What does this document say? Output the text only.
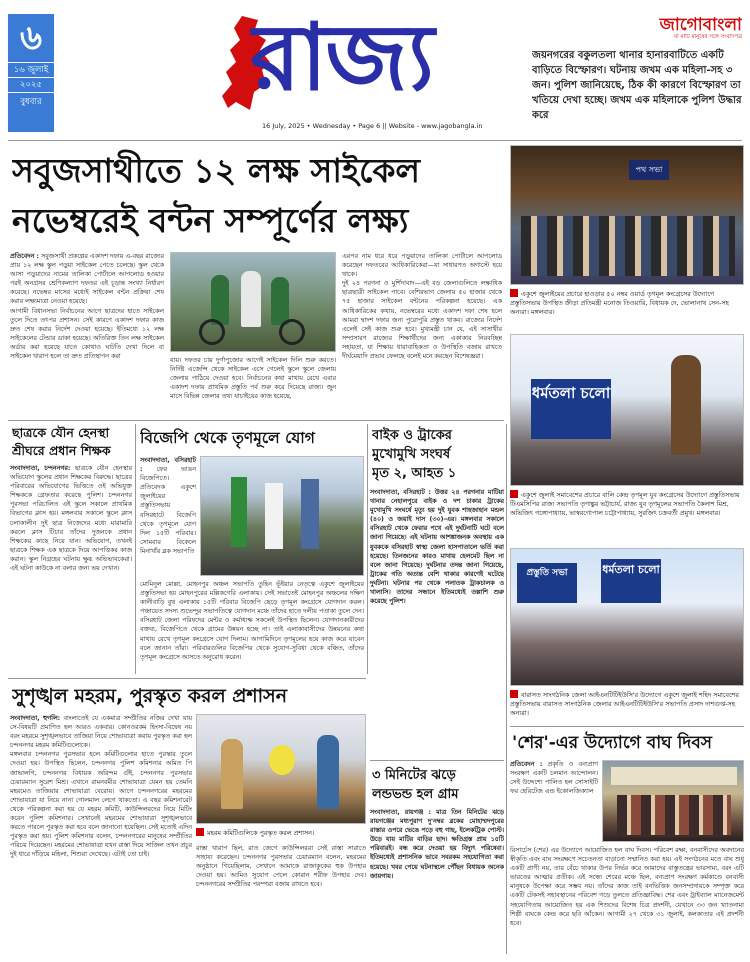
৬
১৬ জুলাই
২০২৫
বুধবার রাজ্য
16 July, 2025 • Wednesday • Page 6 || Website - www.jagobangla.in
জাগোবাংলা
মা মাটি মানুষের সঙ্গে সংবাদপত্র
জয়নগরের বকুলতলা থানার হানারবাটিতে একটি বাড়িতে বিস্ফোরণ। ঘটনায় জখম এক মহিলা-সহ ৩ জন। পুলিশ জানিয়েছে, ঠিক কী কারণে বিস্ফোরণ তা খতিয়ে দেখা হচ্ছে। জখম এক মহিলাকে পুলিশ উদ্ধার করে
সবুজসাথীতে ১২ লক্ষ সাইকেল
নভেম্বরেই বন্টন সম্পূর্ণের লক্ষ্য
প্রতিবেদন : সবুজসাথী প্রকল্পের একাদশ দফায় এ-বছর রাজ্যের প্রায় ১২ লক্ষ স্কুল পড়ুয়া সাইকেল পেতে চলেছে। স্কুল থেকে আসা পড়ুয়াদের নামের তালিকা পোর্টালে আপলোড হওয়ার পরই অনগ্রসর শ্রেণিকল্যাণ দফতর এই চূড়ান্ত সংখ্যা নির্ধারণ করেছে। নভেম্বর মাসের মধ্যেই সাইকেল বন্টন প্রক্রিয়া শেষ করার লক্ষ্যমাত্রা নেওয়া হয়েছে।
আগামী বিধানসভা নির্বাচনের আগে ছাত্রদের হাতে সাইকেল তুলে দিতে তৎপর প্রশাসন। সেই কারণে একাদশ দফার কাজ দ্রুত শেষ করার নির্দেশ দেওয়া হয়েছে। ইতিমধ্যে ১২ লক্ষ সাইকেলের টেন্ডার ডাকা হয়েছে। অতিরিক্ত তিন লক্ষ সাইকেল অর্ডার করা হয়েছে যাতে কোথাও ঘাটতি দেখা দিলে বা সাইকেল খারাপ হলে তা দ্রুত প্রতিস্থাপন করা
যায়। দফতর চায় দুর্গাপুজোর আগেই সাইকেল দিলি শুরু করতে। নির্দিষ্ট এজেন্সি থেকে সাইকেল এসে গেলেই স্কুলে স্কুলে জেলায় জেলায় পাঠিয়ে দেওয়া হবে। নির্বাচনের কথা মাথায় রেখে এবার একাদশ দফায় প্রাথমিক প্রস্তুতি পর্ব শুরু করে দিয়েছে রাজ্য। জুন মাসে বিভিন্ন জেলার তথ্য যাচাইয়ের কাজ হয়েছে,
এরপর নাম ধরে ধরে পড়ুয়াদের তালিকা পোর্টালে আপলোড করেছেন দফতরের আধিকারিকেরা—যা সাধারণত অগাস্টে হয়ে থাকে।
দুই ২৪ পরগনা ও মুর্শিদাবাদ—এই বড় জেলাগুলিতে লক্ষাধিক ছাত্রছাত্রী সাইকেল পাবে। বেশিরভাগ জেলায় ৫০ হাজার থেকে ৭৫ হাজার সাইকেল বন্টনের পরিকল্পনা হয়েছে। এক আধিকারিকের কথায়, নভেম্বরের মধ্যে একাদশ দফা শেষ হলে আমরা দ্বাদশ দফার জন্য পুরোপুরি প্রস্তুত থাকব। রাজ্যের নির্দেশ এলেই সেই কাজ শুরু হবে। মুখ্যমন্ত্রী চান যে, এই সাসাথীর সম্প্রসারণ রাজ্যের শিক্ষার্থীদের জন্য একাকার নিরবচ্ছিন্ন সহায়তা, যা শিক্ষায় ধারাবাহিকতা ও উপস্থিতি বজায় রাখতে দীর্ঘমেয়াদি প্রভাব ফেলছে বলেই মনে করছেন বিশেষজ্ঞরা।
পথ সভা
একুশে জুলাইয়ের প্রচারে হাওড়ার ৫০ নম্বর ওয়ার্ড তৃণমূল কংগ্রেসের উদ্যোগে প্রস্তুতিসভায় উপস্থিত ক্রীড়া প্রতিমন্ত্রী মনোজ তিওয়ারি, বিধায়ক দে, ভোলানাথ সেন-সহ অন্যরা। মঙ্গলবার।
ধর্মতলা চলো
একুশে জুলাই সমাবেশের প্রচারে বালি কেন্দ্র তৃণমূল যুব কংগ্রেসের উদ্যোগে প্রস্তুতিসভায় টিএমসিপির রাজ্য সভাপতি তৃণাঙ্কুর ভট্টাচার্য, রাজ্য যুব তৃণমূলের সভাপতি কৈলাশ মিশ্র, অভিজিৎ গঙ্গোপাধ্যায়, ভাস্বরগোপাল চট্টোপাধ্যায়, সুরজিৎ চক্রবর্তী প্রমুখ। মঙ্গলবার।
ধর্মতলা চলো
প্রস্তুতি সভা
বারাসত সাংগঠনিক জেলা আইএনটিটিইউসি'র উদ্যোগে একুশে জুলাই শহিদ সমাবেশের প্রস্তুতিসভায় বারাসত সাংগঠনিক জেলার আইএনটিটিইউসি'র সভাপতি প্রসাদ দাশগুপ্ত-সহ অন্যরা।
ছাত্রকে যৌন হেনস্থা
শ্রীঘরে প্রধান শিক্ষক
সংবাদদাতা, চন্দননগর: ছাত্রকে যৌন হেনস্থার অভিযোগ স্কুলের প্রধান শিক্ষকের বিরুদ্ধে। ছাত্রের পরিবারের অভিযোগের ভিত্তিতে ওই অভিযুক্ত শিক্ষককে গ্রেফতার করেছে পুলিশ। চন্দননগর পুরসভা পরিচালিত এই স্কুলে সকালে প্রাথমিক বিভাগের ক্লাস হয়। মঙ্গলবার সকালে স্কুলে ক্লাস চলাকালীন দুই ছাত্র নিজেদের মধ্যে মারামারি করলে ক্লাস টিচার তাঁদের দুজনকে প্রধান শিক্ষকের কাছে নিয়ে যান। অভিযোগ, তখনই ছাত্রকে শিক্ষক এক ছাত্রকে দিয়ে আপত্তিকর কাজ করান। স্কুল নিগ্রহের ঘটনায় ক্ষুব্ধ অভিভাবকেরা। এই ঘটনা কাউকে না বলার জন্য ভয় দেখান।
বিজেপি থেকে তৃণমূলে যোগ
সংবাদদাতা, বসিরহাট : ফের ভাঙন বিজেপিতে। প্রতিবেদক একুশে জুলাইয়ের প্রস্তুতিসভায় বসিরহাটে বিজেপি থেকে তৃণমূলে যোগ দিল ১৫টি পরিবার। সোমবার বিকেলে মিনাখাঁর ব্লক সভাপতি
মোমিনুল মোল্লা, মোহনপুর অঞ্চল সভাপতি তুহিন ভূঁইয়ার নেতৃত্বে একুশে জুলাইয়ের প্রস্তুতিসভা হয় মোহনপুরের মল্লিকগেরি এলাকায়। সেই সভাতেই মোহনপুর অঞ্চলের দক্ষিণ কালীবাড়ি বুথ এলাকায় ১৫টি পরিবার বিজেপি ছেড়ে তৃণমূল কংগ্রেসে যোগদান করল। পঞ্চায়েত সদস্য শুভেন্দুর সভাপতিত্বে যোগদান মঞ্চে তাঁদের হাতে দলীয় পতাকা তুলে দেন। বসিরহাট জেলা পরিষদের মেন্টর ও কর্মাধ্যক্ষ সকলেই উপস্থিত ছিলেন। যোগদানকারীদের বক্তব্য, বিজেপিতে থেকে গ্রামের উন্নয়ন হচ্ছে না। তাই এলাকাবাসীদের উন্নয়নের কথা মাথায় রেখে তৃণমূল কংগ্রেসে যোগ দিলাম। আগামিদিনে তৃণমূলের হয়ে কাজ করে যাবেন বলে জানান তাঁরা। পরিবারগুলির বিজেপির থেকে সুযোগ-সুবিধা থেকে বঞ্চিত, তাঁদের তৃণমূল কংগ্রেসে আসতে অনুরোধ করেন।
বাইক ও ট্রাকের
মুখোমুখি সংঘর্ষ
মৃত ২, আহত ১
সংবাদদাতা, বসিরহাট : উত্তর ২৪ পরগনার মাটিয়া থানার নেহালপুরে বাইক ও দশ চাকার ট্রাকের মুখোমুখি সংঘর্ষে মৃত্যু হয় দুই যুবক শাহজাহান মন্ডল (৪০) ও জয়াই দাস (৩০)-এর। মঙ্গলবার সকালে বসিরহাট থেকে ফেরার পথে এই দুর্ঘটনাটি ঘটে বলে জানা গিয়েছে। এই ঘটনায় আশঙ্কাজনক অবস্থায় এক যুবককে বসিরহাট স্বাস্থ্য জেলা হাসপাতালে ভর্তি করা হয়েছে। তিনজনের কারও মাথায় হেলমেট ছিল না বলে জানা গিয়েছে। দুর্ঘটনার তদন্ত জানা গিয়েছে, ট্রাকের গতি অত্যন্ত বেশি থাকার কারণেই ঘটেছে দুর্ঘটনা। ঘটনার পর থেকে পলাতক ট্রাকচালক ও খালাসি। তাদের সন্ধানে ইতিমধ্যেই তল্লাশি শুরু করেছে পুলিশ।
৩ মিনিটের ঝড়ে
লন্ডভন্ড হল গ্রাম
সংবাদদাতা, রায়গঞ্জ : মাত্র তিন মিনিটের ঝড়ে রায়গঞ্জের মধ্যপুরাণ দু'নম্বর ব্লকের মোহাম্মদপুরের রাস্তার ওপরে ভেঙে পড়ে বহু গাছ, ইলেকট্রিক পোস্ট। উড়ে যায় মাটির বাড়ির ছাদ। ক্ষতিগ্রস্ত প্রায় ১৫টি পরিবারই। বন্ধ করে দেওয়া হয় বিদ্যুৎ পরিষেবা। ইতিমধ্যেই প্রশাসনিক ভাবে সবরকম সহযোগিতা করা হয়েছে। খবর পেয়ে ঘটনাস্থলে পৌঁছন বিধায়ক অনেক জায়গায়।
সুশৃঙ্খল মহরম, পুরস্কৃত করল প্রশাসন
সংবাদদাতা, হুগলি: বাংলাতেই যে একমাত্র সম্প্রীতির নজির দেখা যায় সে-বিষয়টি প্রমাণিত হল আরও একবার। কোনওরকম হিংসা-বিদ্বেষ নয় বরং মহরমে সুশৃঙ্খলভাবে তাজিয়া নিয়ে শোভাযাত্রা করায় পুরস্কৃত করা হল চন্দননগর মহরম কমিটিগুলোকে।
মঙ্গলবার চন্দননগর পুরসভার হলে কমিটিগুলোর হাতে পুরস্কার তুলে দেওয়া হয়। উপস্থিত ছিলেন, চন্দননগর পুলিশ কমিশনার অমিত পি জাভালগি, চন্দননগর বিধায়ক অরিন্দম গুঁই, চন্দননগর পুরসভার চেয়ারম্যান সুরেশ মিশ্র। এখানে রামনবমীর শোভাযাত্রা যেমন হয় তেমনি মহরমেও তাজিয়ার শোভাযাত্রা বেরোয়। আগে চন্দননগরের মহরমের শোভাযাত্রা যা নিয়ে নানা গোলমাল লেগে থাকতো। এ বছর কমিশনারেট থেকে পরিকল্পনা করা হয় যে মহরম কমিটি, কাউন্সিলরদের নিয়ে মিটিং করেন পুলিশ কমিশনার। সেখানেই মহরমের শোভাযাত্রা সুশৃঙ্খলভাবে করতে পারলে পুরস্কৃত করা হবে বলে জানানো হয়েছিল। সেই মতোই এদিন পুরস্কৃত করা হয়। পুলিশ কমিশনার বলেন, চন্দননগরের মানুষের সম্প্রীতির পরিচয় দিয়েছেন। মহরমের শোভাযাত্রা যখন রাস্তা দিয়ে সাজিল তখন প্রচুর দুই ধারে দাঁড়িয়ে মহিলা, শিশুরা দেখেছে। এটাই তো চাই।
মহরম কমিটিগুলিকে পুরস্কৃত করল প্রশাসন।
রাস্তা খারাপ ছিল, রাত জেগে কাউন্সিলররা সেই রাস্তা সারাতে সাহায্য করেছেন। চন্দননগর পুরসভার চেয়ারম্যান বলেন, মহরমের অনুষ্ঠানে গিয়েছিলাম, সেখানে আমাকে রাজাকুকের হুক উপহার দেওয়া হয়। আমিও সুযোগ পেলে কোরান শরীফ উপহার দেব। চন্দননগরের সম্প্রীতির পরম্পরা বজায় রাখতে হবে।
'শের'-এর উদ্যোগে বাঘ দিবস
প্রতিবেদন : প্রকৃতি ও বন্যপ্রাণ সংরক্ষণ একটি চলমান আন্দোলন। সেই উদ্দেশ্যে পালিত হল সোসাইটি ফর হেরিটেজ এন্ড ইকোলজিক্যাল
রিসার্চেস (শের) এর উদ্যোগে আয়োজিত হল বাঘ দিবস। পরিবেশ রক্ষা, বনবাসীদের অবদানের স্বীকৃতি এবং বাঘ সংরক্ষণে সচেতনতা বাড়ানো সম্মানিত করা হয়। এই সংগঠনের মতে বাঘ শুধু একটি প্রাণী নয়, তার বেঁচে থাকার উপর নির্ভর করে আমাদের বাস্তুতন্ত্রের ভারসাম্য, বরং এটি ভারতের আত্মার প্রতীক। এই সন্ধ্যে শেরের মঞ্চে ছিল, বন্যপ্রাণ সংরক্ষণ কর্মকাণ্ডে বনবাসী মানুষকে উপেক্ষা করে সম্ভব নয়। তাঁদের কাজ তাই বনভিত্তিক জনসম্প্রদায়কে সম্পৃক্ত করে একটি টেকসই সহাবস্থানের পরিবেশ গড়ে তুলতে প্রতিজ্ঞাবিদ্ধ। শের এবং ট্রাইব্যাল ম্যানেজমেন্ট সহযোগিতায় আয়োজিত হয় এক শিশুদের বিশেষ চিত্র প্রদর্শনী, যেখানে ৩৩ জন খ্যাতনামা শিল্পী বাঘকে কেন্দ্র করে ছবি আঁকেন। আগামী ২৭ থেকে ৩১ জুলাই, কলকাতার এই প্রদর্শনী হবে।
